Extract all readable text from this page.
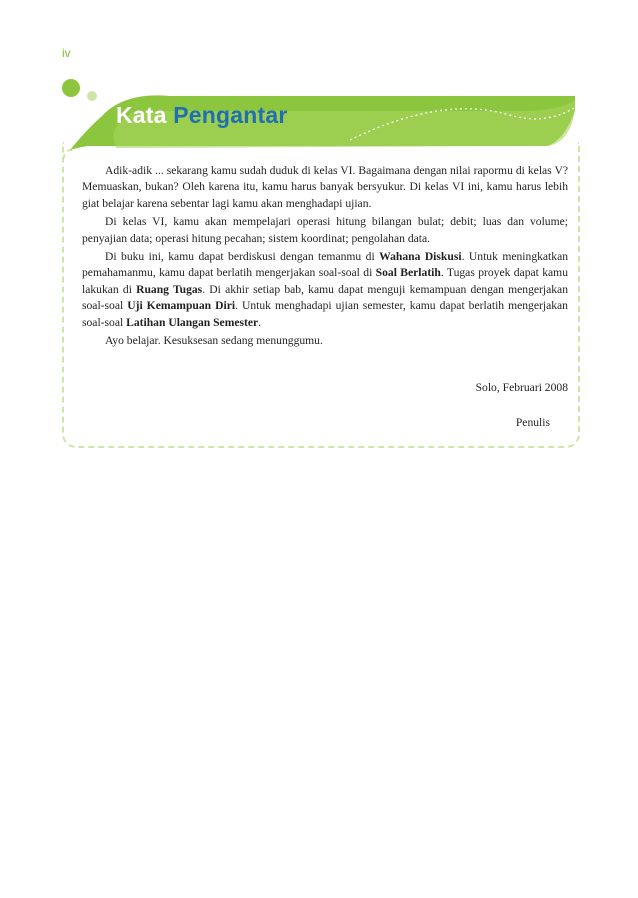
iv
Kata Pengantar

Adik-adik ... sekarang kamu sudah duduk di kelas VI. Bagaimana dengan nilai rapormu di kelas V? Memuaskan, bukan? Oleh karena itu, kamu harus banyak bersyukur. Di kelas VI ini, kamu harus lebih giat belajar karena sebentar lagi kamu akan menghadapi ujian.

Di kelas VI, kamu akan mempelajari operasi hitung bilangan bulat; debit; luas dan volume; penyajian data; operasi hitung pecahan; sistem koordinat; pengolahan data.

Di buku ini, kamu dapat berdiskusi dengan temanmu di Wahana Diskusi. Untuk meningkatkan pemahamanmu, kamu dapat berlatih mengerjakan soal-soal di Soal Berlatih. Tugas proyek dapat kamu lakukan di Ruang Tugas. Di akhir setiap bab, kamu dapat menguji kemampuan dengan mengerjakan soal-soal Uji Kemampuan Diri. Untuk menghadapi ujian semester, kamu dapat berlatih mengerjakan soal-soal Latihan Ulangan Semester.

Ayo belajar. Kesuksesan sedang menunggumu.

Solo, Februari 2008
Penulis
